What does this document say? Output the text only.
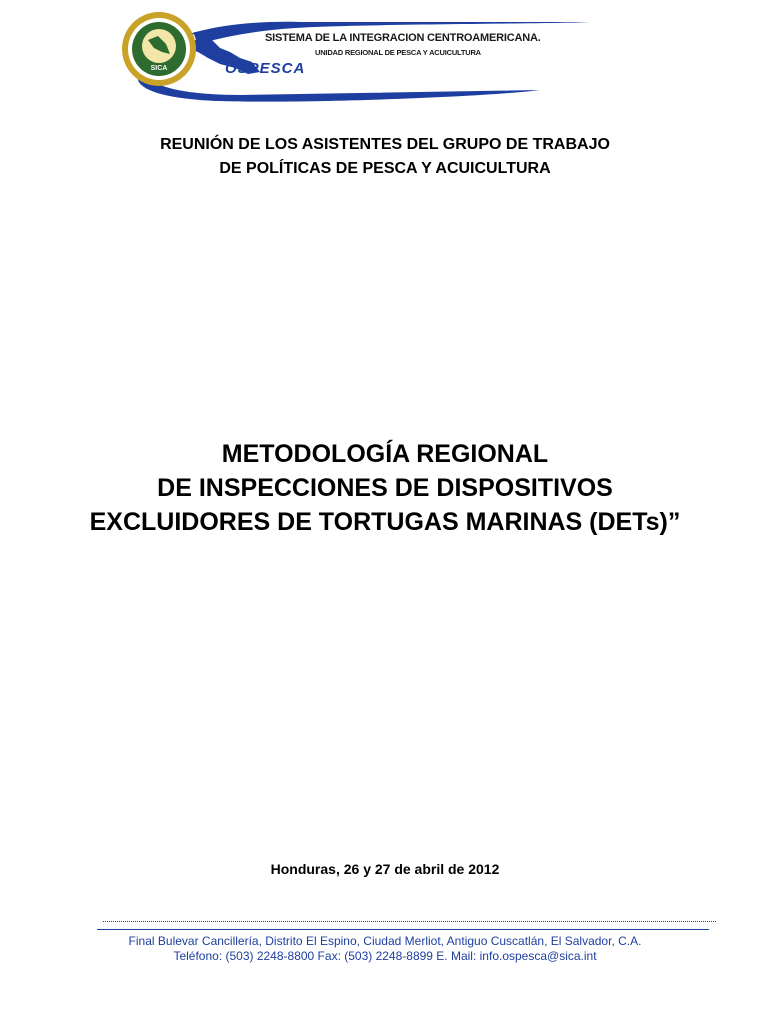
SISTEMA DE LA INTEGRACION CENTROAMERICANA.
UNIDAD REGIONAL DE PESCA Y ACUICULTURA
OSPESCA
SICA
REUNIÓN DE LOS ASISTENTES DEL GRUPO DE TRABAJO
DE POLÍTICAS DE PESCA Y ACUICULTURA
METODOLOGÍA REGIONAL
DE INSPECCIONES DE DISPOSITIVOS
EXCLUIDORES DE TORTUGAS MARINAS (DETs)”
Honduras, 26 y 27 de abril de 2012
Final Bulevar Cancillería, Distrito El Espino, Ciudad Merliot, Antiguo Cuscatlán, El Salvador, C.A.
Teléfono: (503) 2248-8800 Fax: (503) 2248-8899 E. Mail: info.ospesca@sica.int
